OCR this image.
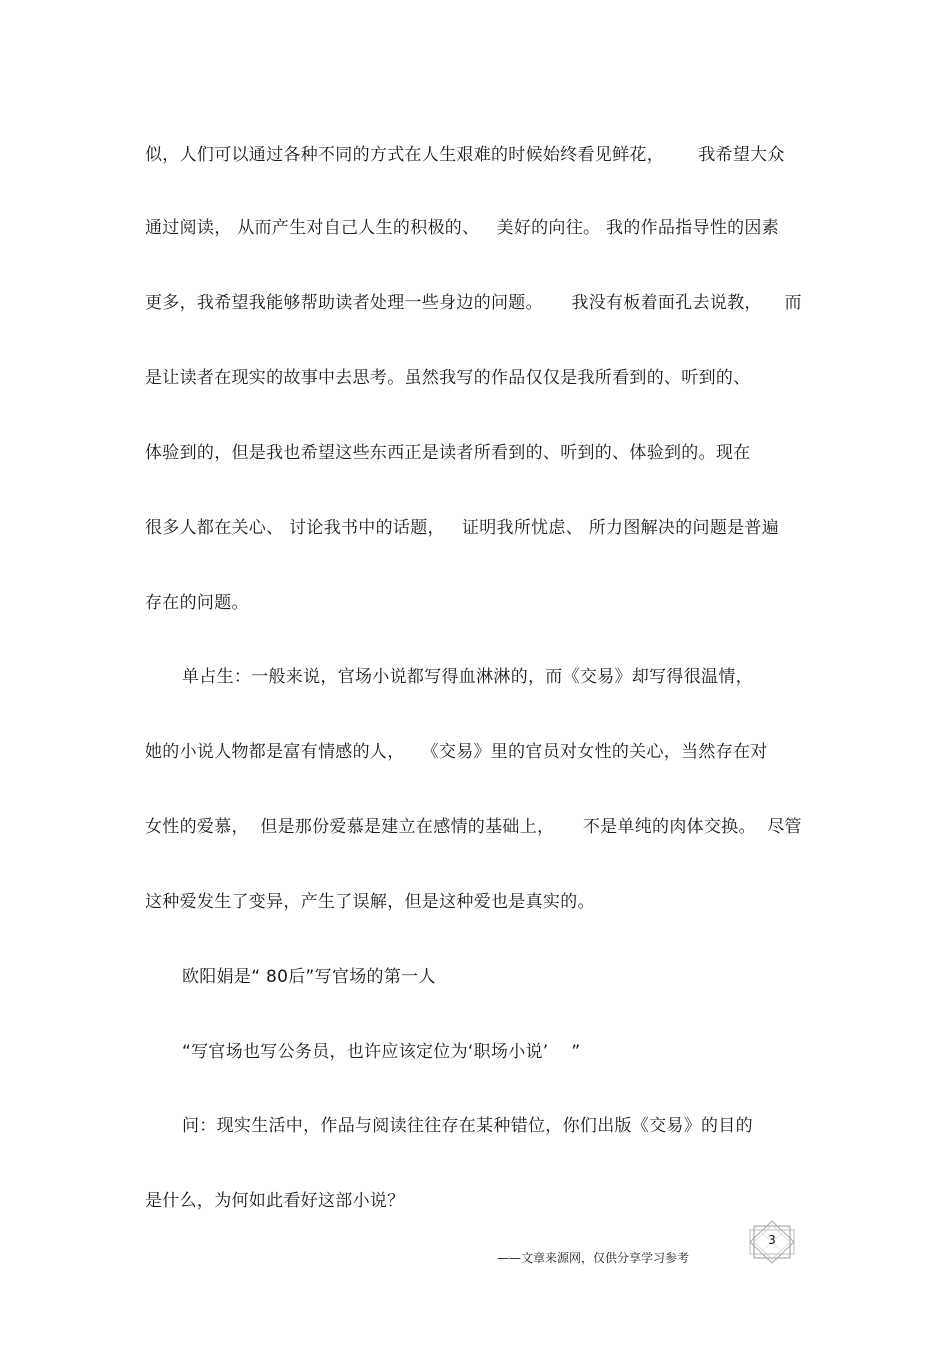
似，人们可以通过各种不同的方式在人生艰难的时候始终看见鲜花，      我希望大众
通过阅读， 从而产生对自己人生的积极的、   美好的向往。 我的作品指导性的因素
更多，我希望我能够帮助读者处理一些身边的问题。     我没有板着面孔去说教，    而
是让读者在现实的故事中去思考。虽然我写的作品仅仅是我所看到的、听到的、
体验到的，但是我也希望这些东西正是读者所看到的、听到的、体验到的。现在
很多人都在关心、 讨论我书中的话题，   证明我所忧虑、 所力图解决的问题是普遍
存在的问题。
单占生：一般来说，官场小说都写得血淋淋的，而《交易》却写得很温情，
她的小说人物都是富有情感的人，   《交易》里的官员对女性的关心，当然存在对
女性的爱慕，  但是那份爱慕是建立在感情的基础上，     不是单纯的肉体交换。  尽管
这种爱发生了变异，产生了误解，但是这种爱也是真实的。
欧阳娟是“ 80后”写官场的第一人
“写官场也写公务员，也许应该定位为‘职场小说’    ”
问：现实生活中，作品与阅读往往存在某种错位，你们出版《交易》的目的
是什么，为何如此看好这部小说？
3
——文章来源网，仅供分享学习参考
